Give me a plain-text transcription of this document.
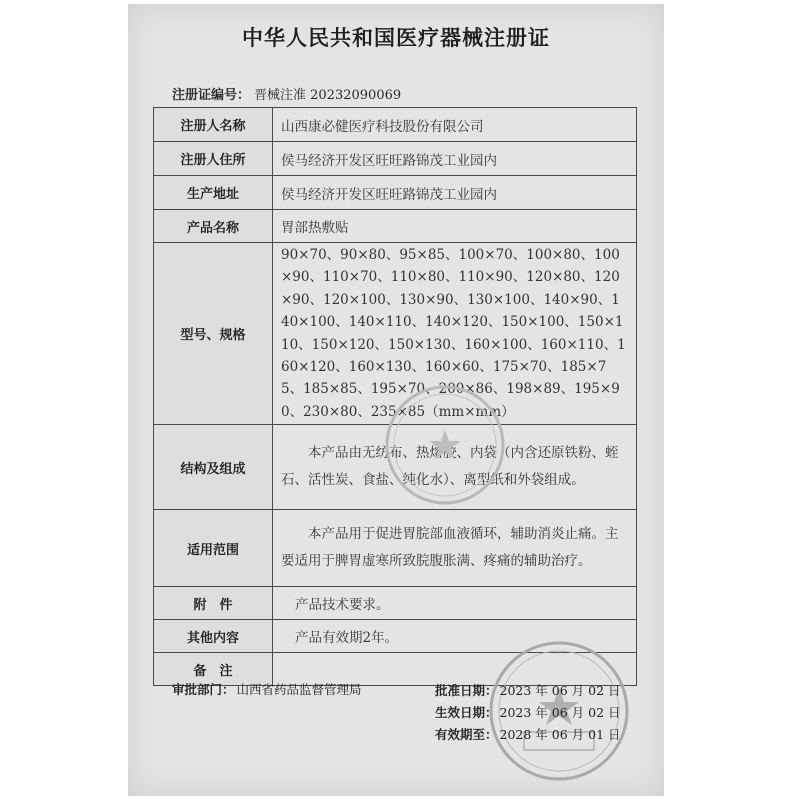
中华人民共和国医疗器械注册证
注册证编号： 晋械注准 20232090069
注册人名称	山西康必健医疗科技股份有限公司
注册人住所	侯马经济开发区旺旺路锦茂工业园内
生产地址	侯马经济开发区旺旺路锦茂工业园内
产品名称	胃部热敷贴
型号、规格	90×70、90×80、95×85、100×70、100×80、100×90、110×70、110×80、110×90、120×80、120×90、120×100、130×90、130×100、140×90、140×100、140×110、140×120、150×100、150×110、150×120、150×130、160×100、160×110、160×120、160×130、160×60、175×70、185×75、185×85、195×70、200×86、198×89、195×90、230×80、235×85（mm×mm）
结构及组成	本产品由无纺布、热熔胶、内袋（内含还原铁粉、蛭石、活性炭、食盐、纯化水）、离型纸和外袋组成。
适用范围	本产品用于促进胃脘部血液循环，辅助消炎止痛。主要适用于脾胃虚寒所致脘腹胀满、疼痛的辅助治疗。
附　件	产品技术要求。
其他内容	产品有效期2年。
备　注	
审批部门： 山西省药品监督管理局	批准日期： 2023 年 06 月 02 日
生效日期： 2023 年 06 月 02 日
有效期至： 2028 年 06 月 01 日
